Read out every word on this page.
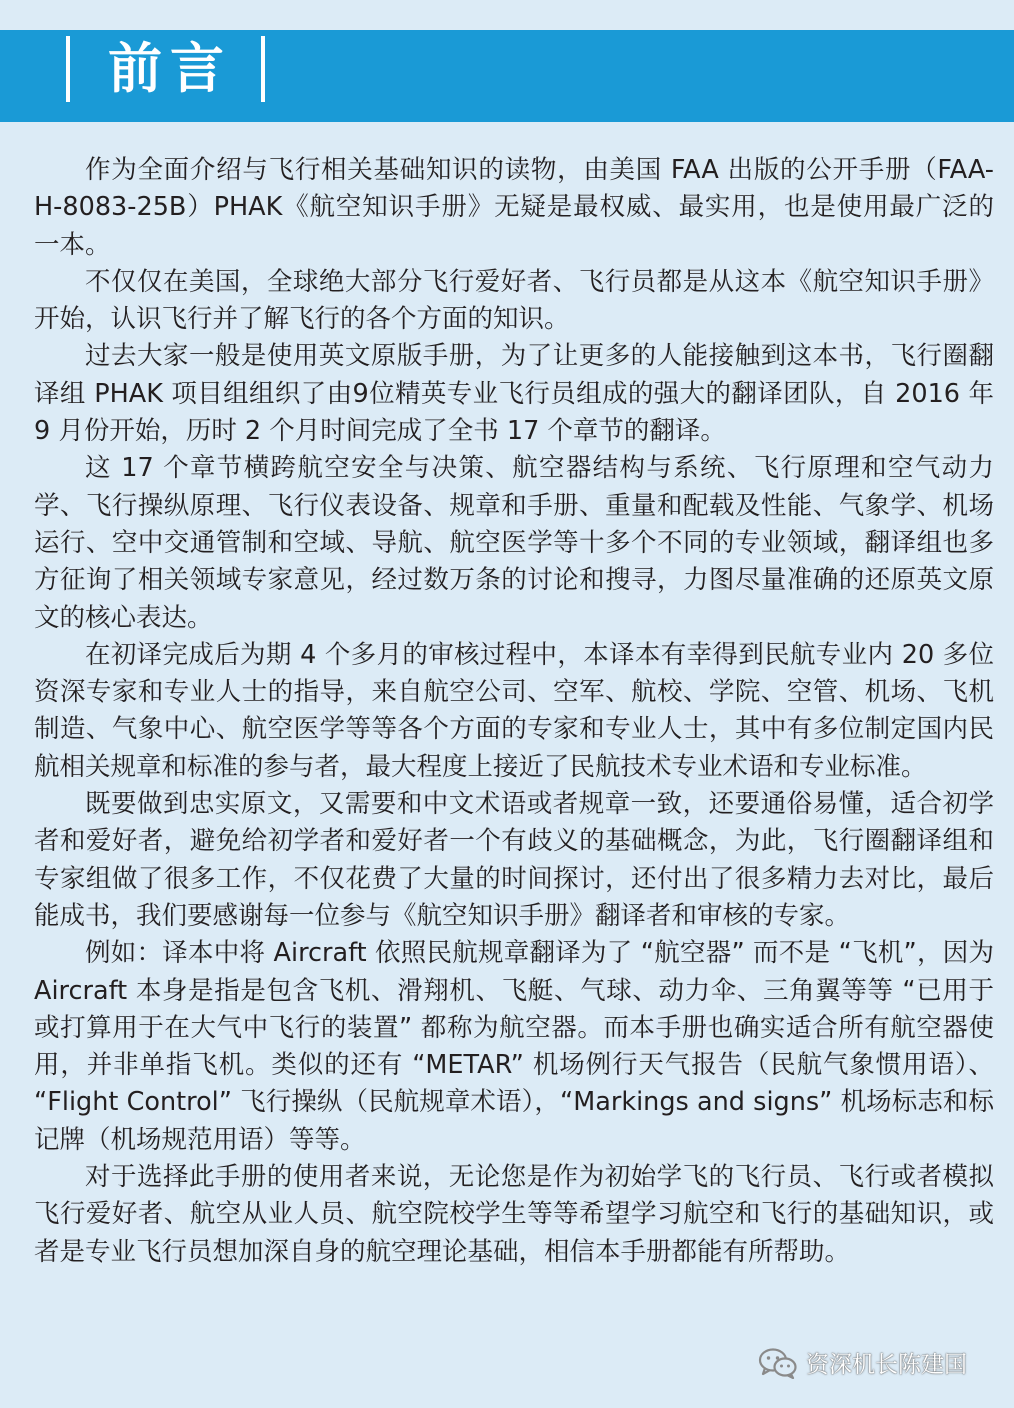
前言

作为全面介绍与飞行相关基础知识的读物，由美国 FAA 出版的公开手册（FAA-H-8083-25B）PHAK《航空知识手册》无疑是最权威、最实用，也是使用最广泛的一本。

不仅仅在美国，全球绝大部分飞行爱好者、飞行员都是从这本《航空知识手册》开始，认识飞行并了解飞行的各个方面的知识。

过去大家一般是使用英文原版手册，为了让更多的人能接触到这本书，飞行圈翻译组 PHAK 项目组组织了由9位精英专业飞行员组成的强大的翻译团队，自 2016 年 9 月份开始，历时 2 个月时间完成了全书 17 个章节的翻译。

这 17 个章节横跨航空安全与决策、航空器结构与系统、飞行原理和空气动力学、飞行操纵原理、飞行仪表设备、规章和手册、重量和配载及性能、气象学、机场运行、空中交通管制和空域、导航、航空医学等十多个不同的专业领域，翻译组也多方征询了相关领域专家意见，经过数万条的讨论和搜寻，力图尽量准确的还原英文原文的核心表达。

在初译完成后为期 4 个多月的审核过程中，本译本有幸得到民航专业内 20 多位资深专家和专业人士的指导，来自航空公司、空军、航校、学院、空管、机场、飞机制造、气象中心、航空医学等等各个方面的专家和专业人士，其中有多位制定国内民航相关规章和标准的参与者，最大程度上接近了民航技术专业术语和专业标准。

既要做到忠实原文，又需要和中文术语或者规章一致，还要通俗易懂，适合初学者和爱好者，避免给初学者和爱好者一个有歧义的基础概念，为此，飞行圈翻译组和专家组做了很多工作，不仅花费了大量的时间探讨，还付出了很多精力去对比，最后能成书，我们要感谢每一位参与《航空知识手册》翻译者和审核的专家。

例如：译本中将 Aircraft 依照民航规章翻译为了 “航空器” 而不是 “飞机”，因为 Aircraft 本身是指是包含飞机、滑翔机、飞艇、气球、动力伞、三角翼等等 “已用于或打算用于在大气中飞行的装置” 都称为航空器。而本手册也确实适合所有航空器使用，并非单指飞机。类似的还有 “METAR” 机场例行天气报告（民航气象惯用语）、 “Flight Control” 飞行操纵（民航规章术语），“Markings and signs” 机场标志和标记牌（机场规范用语）等等。

对于选择此手册的使用者来说，无论您是作为初始学飞的飞行员、飞行或者模拟飞行爱好者、航空从业人员、航空院校学生等等希望学习航空和飞行的基础知识，或者是专业飞行员想加深自身的航空理论基础，相信本手册都能有所帮助。

资深机长陈建国
